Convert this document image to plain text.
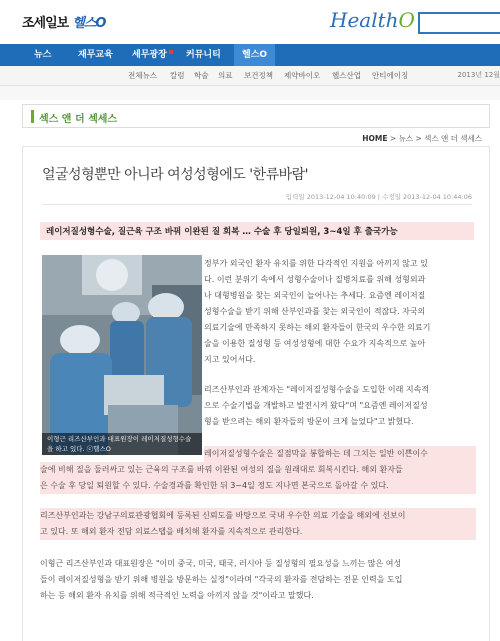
조세일보 헬스O	HealthO
뉴스	재무교육 세무광장	커뮤니티	헬스O
전체뉴스 칼럼 학술 의료 보건정책 제약바이오 헬스산업 안티에이징	2013년 12월
섹스 앤 더 섹세스
HOME > 뉴스 > 섹스 앤 더 섹세스
얼굴성형뿐만 아니라 여성성형에도 '한류바람'
입력일 2013-12-04 10:40:09 | 수정일 2013-12-04 10:44:06
레이저질성형수술, 질근육 구조 바꿔 이완된 질 회복 … 수술 후 당일퇴원, 3~4일 후 출국가능
이형근 리즈산부인과 대표원장이 레이저질성형수술을 하고 있다. ⓒ헬스O
정부가 외국인 환자 유치를 위한 다각적인 지원을 아끼지 않고 있
다. 이런 분위기 속에서 성형수술이나 질병치료를 위해 성형외과
나 대형병원을 찾는 외국인이 늘어나는 추세다. 요즘엔 레이저질
성형수술을 받기 위해 산부인과를 찾는 외국인이 적잖다. 자국의
의료기술에 만족하지 못하는 해외 환자들이 한국의 우수한 의료기
술을 이용한 질성형 등 여성성형에 대한 수요가 지속적으로 높아
지고 있어서다.
리즈산부인과 관계자는 "레이저질성형수술을 도입한 이래 지속적
으로 수술기법을 개발하고 발전시켜 왔다"며 "요즘엔 레이저질성
형을 받으려는 해외 환자들의 방문이 크게 늘었다"고 밝혔다.
레이저질성형수술은 질점막을 봉합하는 데 그치는 일반 이쁜이수
술에 비해 질을 둘러싸고 있는 근육의 구조를 바꿔 이완된 여성의 질을 원래대로 회복시킨다. 해외 환자들
은 수술 후 당일 퇴원할 수 있다. 수술경과를 확인한 뒤 3~4일 정도 지나면 본국으로 돌아갈 수 있다.
리즈산부인과는 강남구의료관광협회에 등록된 신뢰도를 바탕으로 국내 우수한 의료 기술을 해외에 선보이
고 있다. 또 해외 환자 전담 의료스탭을 배치해 환자를 지속적으로 관리한다.
이형근 리즈산부인과 대표원장은 "이미 중국, 미국, 태국, 러시아 등 질성형의 필요성을 느끼는 많은 여성
들이 레이저질성형을 받기 위해 병원을 방문하는 실정"이라며 "각국의 환자를 전담하는 전문 인력을 도입
하는 등 해외 환자 유치를 위해 적극적인 노력을 아끼지 않을 것"이라고 말했다.
